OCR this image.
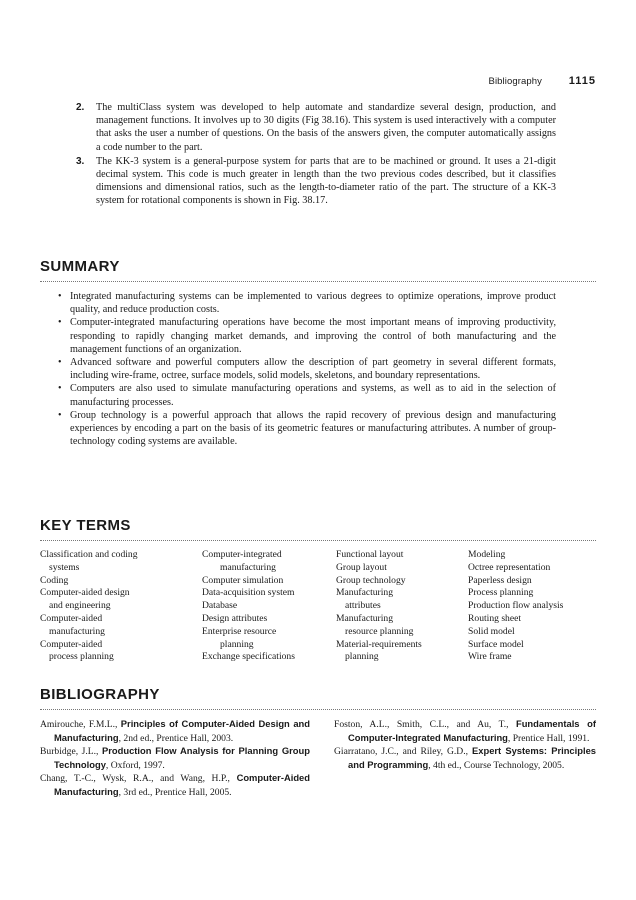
Bibliography 1115
2. The multiClass system was developed to help automate and standardize several design, production, and management functions. It involves up to 30 digits (Fig 38.16). This system is used interactively with a computer that asks the user a number of questions. On the basis of the answers given, the computer automatically assigns a code number to the part.
3. The KK-3 system is a general-purpose system for parts that are to be machined or ground. It uses a 21-digit decimal system. This code is much greater in length than the two previous codes described, but it classifies dimensions and dimensional ratios, such as the length-to-diameter ratio of the part. The structure of a KK-3 system for rotational components is shown in Fig. 38.17.
SUMMARY
• Integrated manufacturing systems can be implemented to various degrees to optimize operations, improve product quality, and reduce production costs.
• Computer-integrated manufacturing operations have become the most important means of improving productivity, responding to rapidly changing market demands, and improving the control of both manufacturing and the management functions of an organization.
• Advanced software and powerful computers allow the description of part geometry in several different formats, including wire-frame, octree, surface models, solid models, skeletons, and boundary representations.
• Computers are also used to simulate manufacturing operations and systems, as well as to aid in the selection of manufacturing processes.
• Group technology is a powerful approach that allows the rapid recovery of previous design and manufacturing experiences by encoding a part on the basis of its geometric features or manufacturing attributes. A number of group-technology coding systems are available.
KEY TERMS
Classification and coding
systems
Coding
Computer-aided design
and engineering
Computer-aided
manufacturing
Computer-aided
process planning
Computer-integrated
manufacturing
Computer simulation
Data-acquisition system
Database
Design attributes
Enterprise resource
planning
Exchange specifications
Functional layout
Group layout
Group technology
Manufacturing
attributes
Manufacturing
resource planning
Material-requirements
planning
Modeling
Octree representation
Paperless design
Process planning
Production flow analysis
Routing sheet
Solid model
Surface model
Wire frame
BIBLIOGRAPHY

Amirouche, F.M.L., Principles of Computer-Aided Design and Manufacturing, 2nd ed., Prentice Hall, 2003.

Burbidge, J.L., Production Flow Analysis for Planning Group Technology, Oxford, 1997.

Chang, T.-C., Wysk, R.A., and Wang, H.P., Computer-Aided Manufacturing, 3rd ed., Prentice Hall, 2005.

Foston, A.L., Smith, C.L., and Au, T., Fundamentals of Computer-Integrated Manufacturing, Prentice Hall, 1991.

Giarratano, J.C., and Riley, G.D., Expert Systems: Principles and Programming, 4th ed., Course Technology, 2005.
